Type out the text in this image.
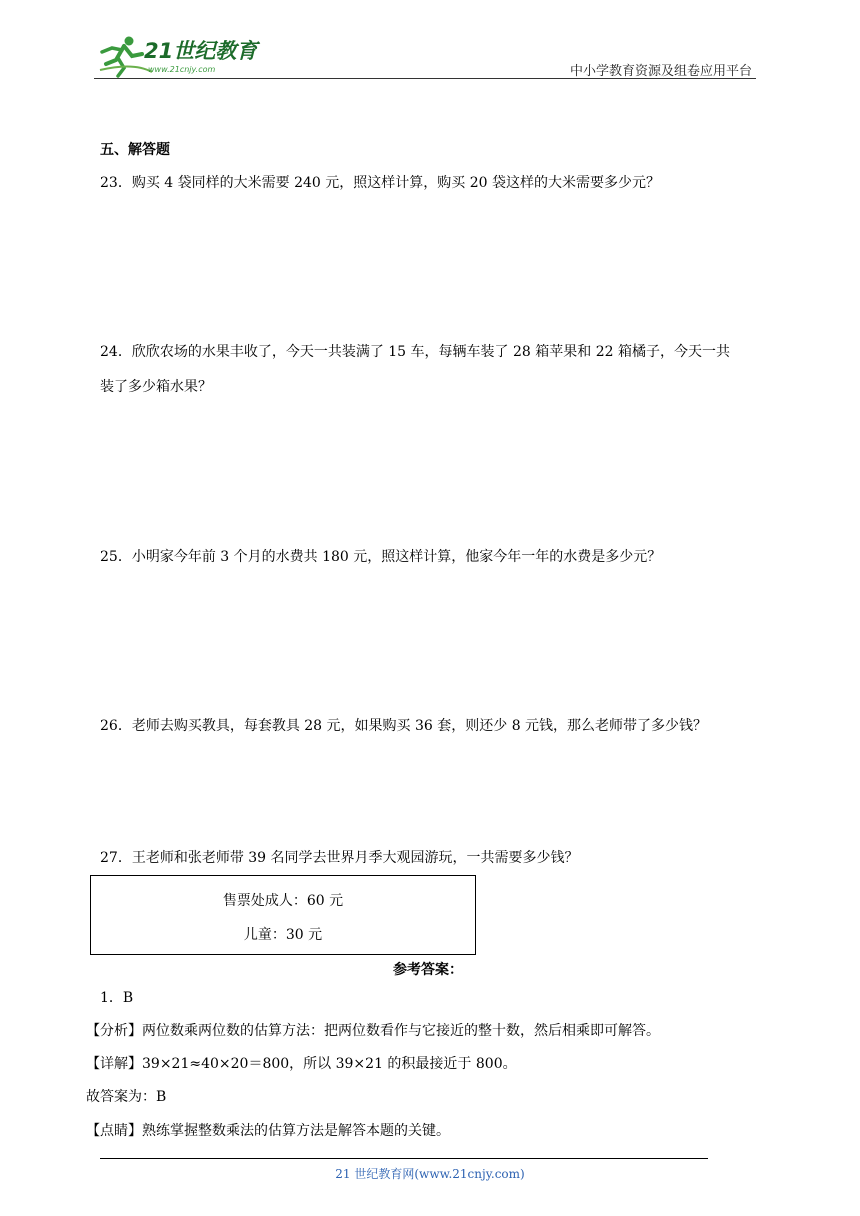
21世纪教育
www.21cnjy.com	中小学教育资源及组卷应用平台
五、解答题
23．购买 4 袋同样的大米需要 240 元，照这样计算，购买 20 袋这样的大米需要多少元？
24．欣欣农场的水果丰收了，今天一共装满了 15 车，每辆车装了 28 箱苹果和 22 箱橘子，今天一共
装了多少箱水果？
25．小明家今年前 3 个月的水费共 180 元，照这样计算，他家今年一年的水费是多少元？
26．老师去购买教具，每套教具 28 元，如果购买 36 套，则还少 8 元钱，那么老师带了多少钱？
27．王老师和张老师带 39 名同学去世界月季大观园游玩，一共需要多少钱？
售票处成人：60 元
儿童：30 元
参考答案：
1．B
【分析】两位数乘两位数的估算方法：把两位数看作与它接近的整十数，然后相乘即可解答。
【详解】39×21≈40×20＝800，所以 39×21 的积最接近于 800。
故答案为：B
【点睛】熟练掌握整数乘法的估算方法是解答本题的关键。
21 世纪教育网(www.21cnjy.com)
